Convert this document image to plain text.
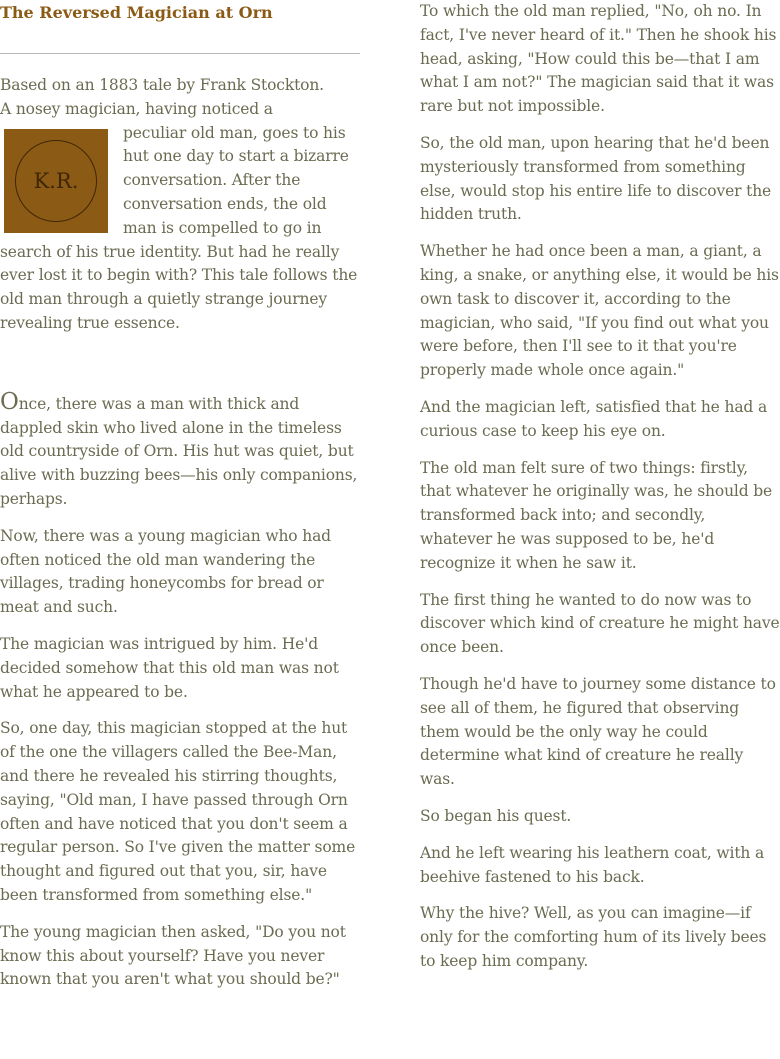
The Reversed Magician at Orn

Based on an 1883 tale by Frank Stockton.

A nosey magician, having noticed a

K.R.

peculiar old man, goes to his hut one day to start a bizarre conversation. After the conversation ends, the old man is compelled to go in search of his true identity. But had he really ever lost it to begin with? This tale follows the old man through a quietly strange journey revealing true essence.

Once, there was a man with thick and dappled skin who lived alone in the timeless old countryside of Orn. His hut was quiet, but alive with buzzing bees—his only companions, perhaps.

Now, there was a young magician who had often noticed the old man wandering the villages, trading honeycombs for bread or meat and such.

The magician was intrigued by him. He'd decided somehow that this old man was not what he appeared to be.

So, one day, this magician stopped at the hut of the one the villagers called the Bee-Man, and there he revealed his stirring thoughts, saying, "Old man, I have passed through Orn often and have noticed that you don't seem a regular person. So I've given the matter some thought and figured out that you, sir, have been transformed from something else."

The young magician then asked, "Do you not know this about yourself? Have you never known that you aren't what you should be?"

To which the old man replied, "No, oh no. In fact, I've never heard of it." Then he shook his head, asking, "How could this be—that I am what I am not?" The magician said that it was rare but not impossible.

So, the old man, upon hearing that he'd been mysteriously transformed from something else, would stop his entire life to discover the hidden truth.

Whether he had once been a man, a giant, a king, a snake, or anything else, it would be his own task to discover it, according to the magician, who said, "If you find out what you were before, then I'll see to it that you're properly made whole once again."

And the magician left, satisfied that he had a curious case to keep his eye on.

The old man felt sure of two things: firstly, that whatever he originally was, he should be transformed back into; and secondly, whatever he was supposed to be, he'd recognize it when he saw it.

The first thing he wanted to do now was to discover which kind of creature he might have once been.

Though he'd have to journey some distance to see all of them, he figured that observing them would be the only way he could determine what kind of creature he really was.

So began his quest.

And he left wearing his leathern coat, with a beehive fastened to his back.

Why the hive? Well, as you can imagine—if only for the comforting hum of its lively bees to keep him company.
